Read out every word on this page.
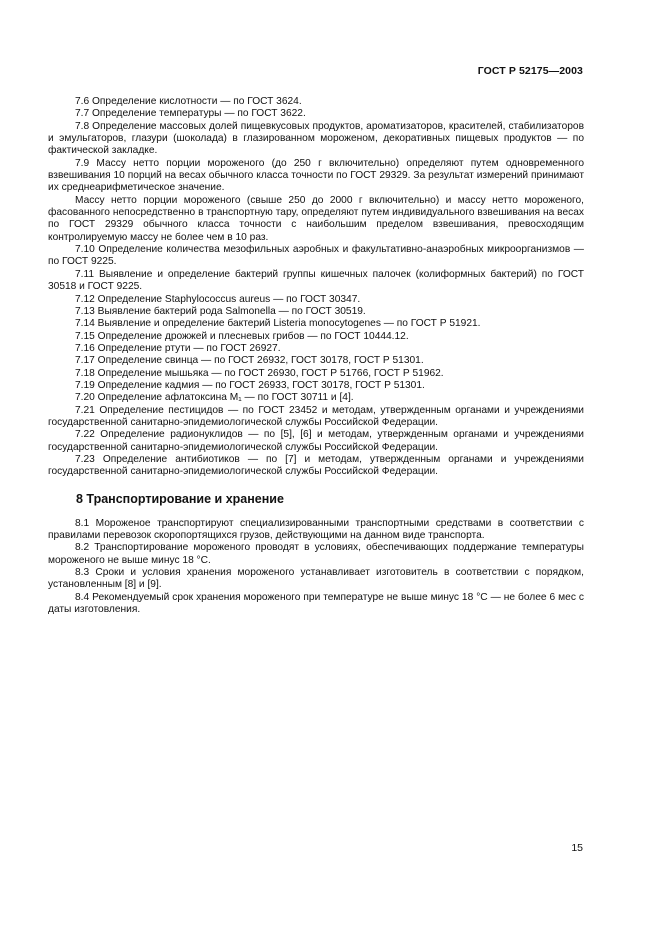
ГОСТ Р 52175—2003

7.6 Определение кислотности — по ГОСТ 3624.

7.7 Определение температуры — по ГОСТ 3622.

7.8 Определение массовых долей пищевкусовых продуктов, ароматизаторов, красителей, стабилизаторов и эмульгаторов, глазури (шоколада) в глазированном мороженом, декоративных пищевых продуктов — по фактической закладке.

7.9 Массу нетто порции мороженого (до 250 г включительно) определяют путем одновременного взвешивания 10 порций на весах обычного класса точности по ГОСТ 29329. За результат измерений принимают их среднеарифметическое значение.

Массу нетто порции мороженого (свыше 250 до 2000 г включительно) и массу нетто мороженого, фасованного непосредственно в транспортную тару, определяют путем индивидуального взвешивания на весах по ГОСТ 29329 обычного класса точности с наибольшим пределом взвешивания, превосходящим контролируемую массу не более чем в 10 раз.

7.10 Определение количества мезофильных аэробных и факультативно-анаэробных микроорганизмов — по ГОСТ 9225.

7.11 Выявление и определение бактерий группы кишечных палочек (колиформных бактерий) по ГОСТ 30518 и ГОСТ 9225.

7.12 Определение Staphylococcus aureus — по ГОСТ 30347.

7.13 Выявление бактерий рода Salmonella — по ГОСТ 30519.

7.14 Выявление и определение бактерий Listeria monocytogenes — по ГОСТ Р 51921.

7.15 Определение дрожжей и плесневых грибов — по ГОСТ 10444.12.

7.16 Определение ртути — по ГОСТ 26927.

7.17 Определение свинца — по ГОСТ 26932, ГОСТ 30178, ГОСТ Р 51301.

7.18 Определение мышьяка — по ГОСТ 26930, ГОСТ Р 51766, ГОСТ Р 51962.

7.19 Определение кадмия — по ГОСТ 26933, ГОСТ 30178, ГОСТ Р 51301.

7.20 Определение афлатоксина M₁ — по ГОСТ 30711 и [4].

7.21 Определение пестицидов — по ГОСТ 23452 и методам, утвержденным органами и учреждениями государственной санитарно-эпидемиологической службы Российской Федерации.

7.22 Определение радионуклидов — по [5], [6] и методам, утвержденным органами и учреждениями государственной санитарно-эпидемиологической службы Российской Федерации.

7.23 Определение антибиотиков — по [7] и методам, утвержденным органами и учреждениями государственной санитарно-эпидемиологической службы Российской Федерации.

8 Транспортирование и хранение

8.1 Мороженое транспортируют специализированными транспортными средствами в соответствии с правилами перевозок скоропортящихся грузов, действующими на данном виде транспорта.

8.2 Транспортирование мороженого проводят в условиях, обеспечивающих поддержание температуры мороженого не выше минус 18 °С.

8.3 Сроки и условия хранения мороженого устанавливает изготовитель в соответствии с порядком, установленным [8] и [9].

8.4 Рекомендуемый срок хранения мороженого при температуре не выше минус 18 °С — не более 6 мес с даты изготовления.

15
